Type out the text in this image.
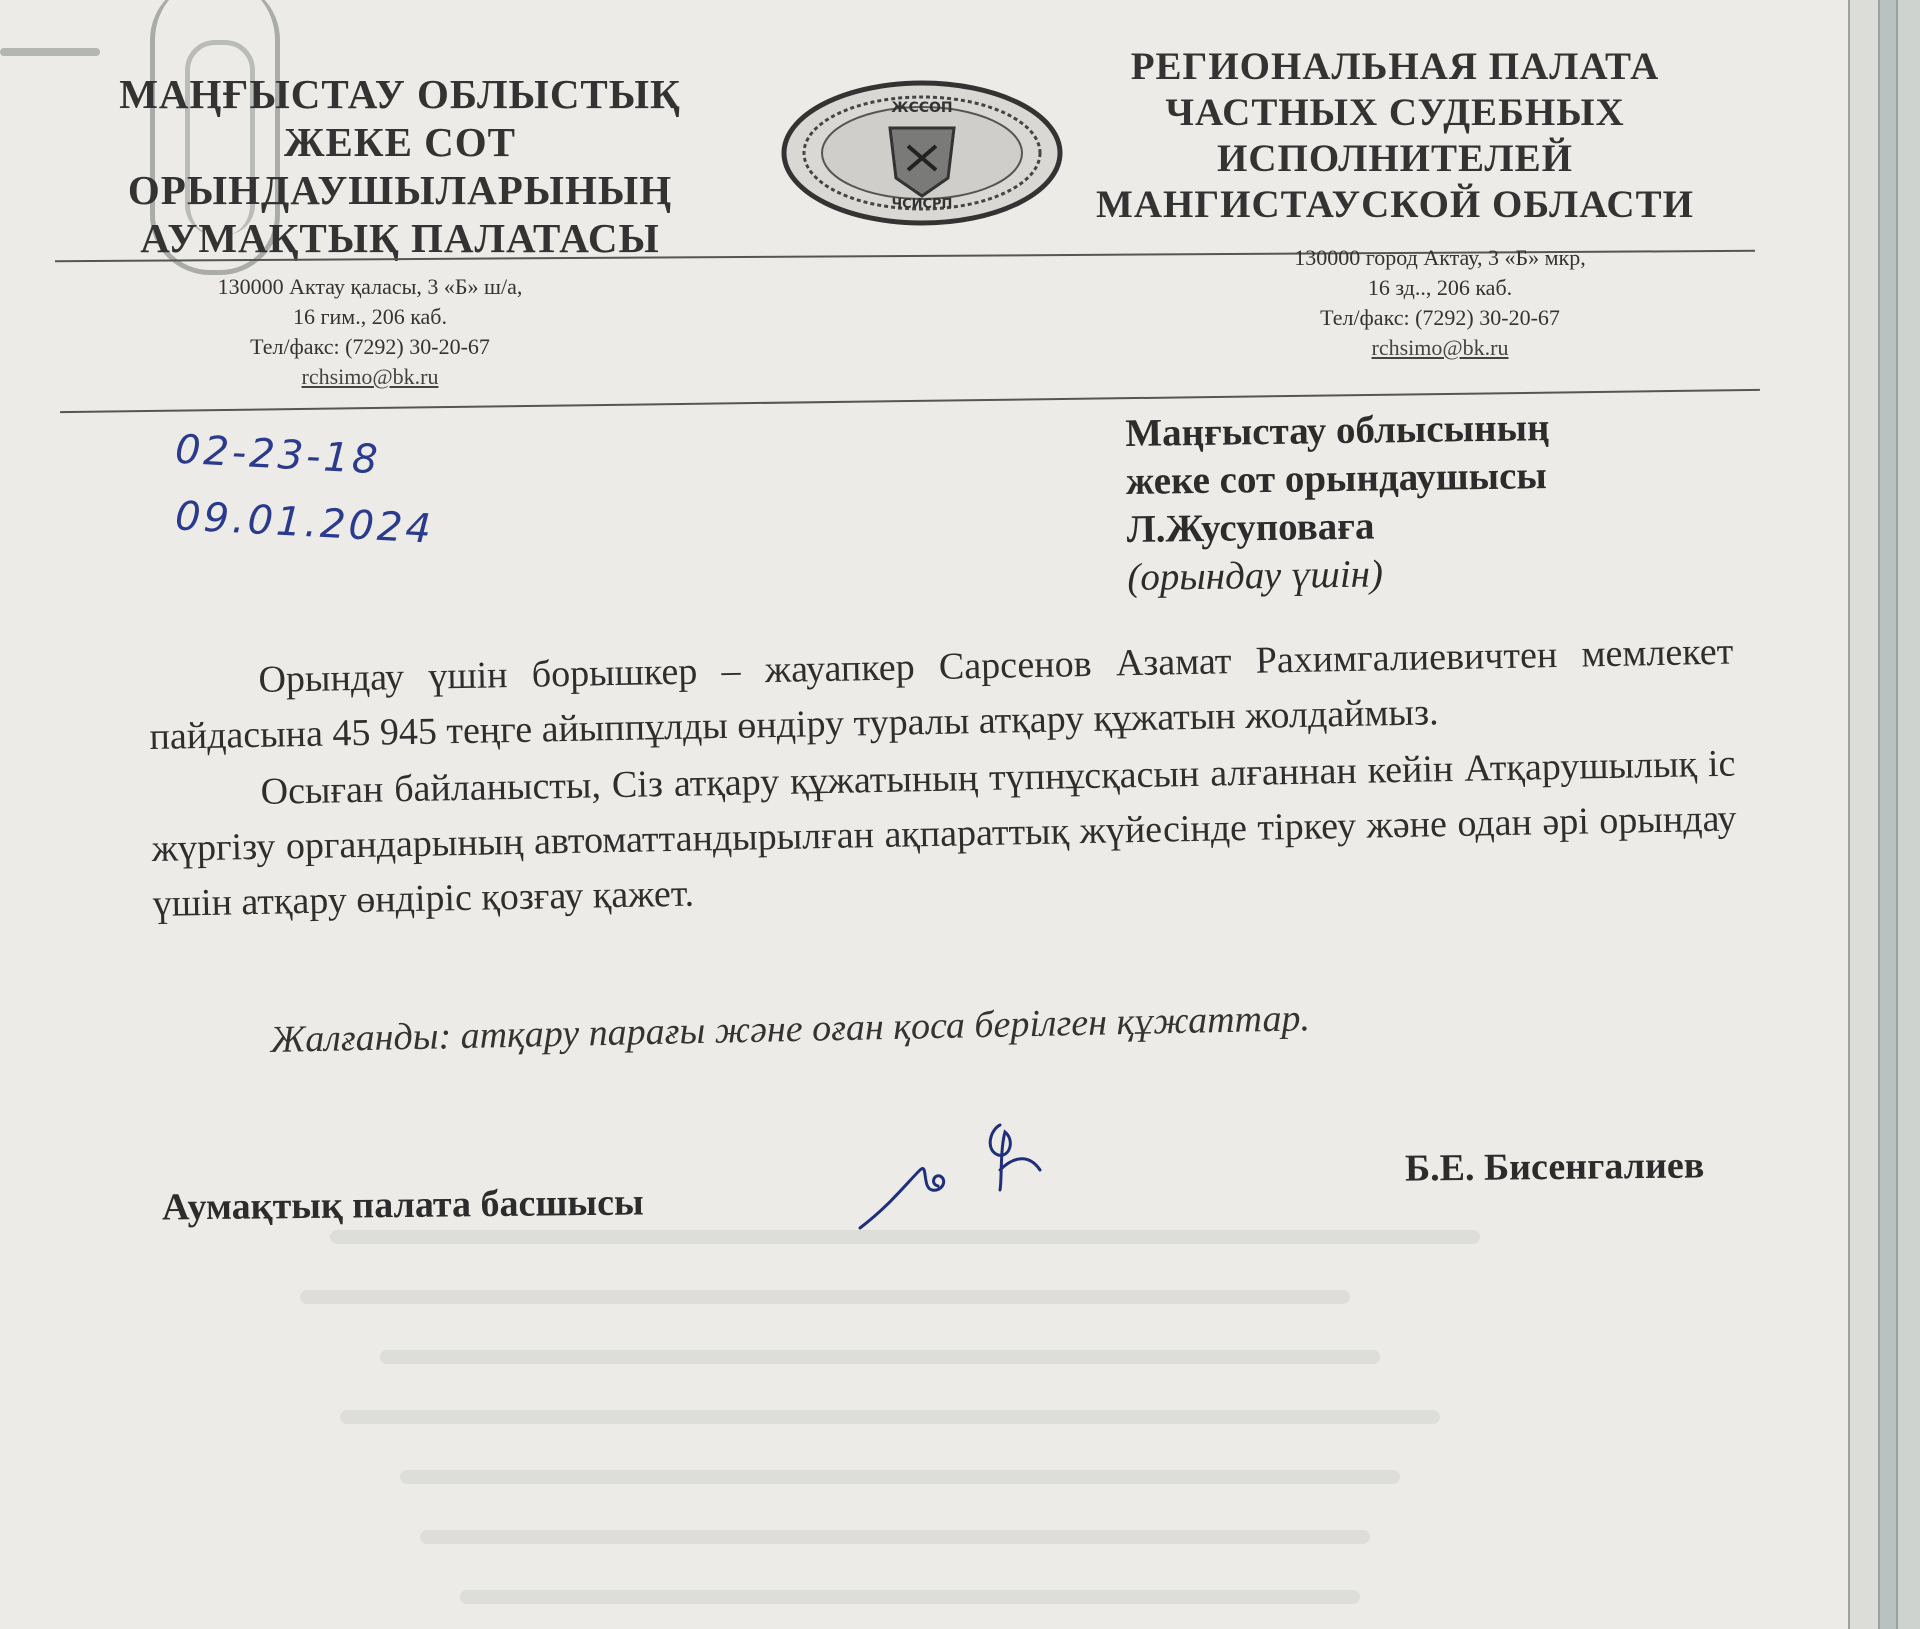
МАҢҒЫСТАУ ОБЛЫСТЫҚ
ЖЕКЕ СОТ
ОРЫНДАУШЫЛАРЫНЫҢ
АУМАҚТЫҚ ПАЛАТАСЫ
ЖССОП
ЧСИСРП
РЕГИОНАЛЬНАЯ ПАЛАТА
ЧАСТНЫХ СУДЕБНЫХ
ИСПОЛНИТЕЛЕЙ
МАНГИСТАУСКОЙ ОБЛАСТИ
130000 Актау қаласы, 3 «Б» ш/а,
16 гим., 206 каб.
Тел/факс: (7292) 30-20-67
rchsimo@bk.ru
130000 город Актау, 3 «Б» мкр,
16 зд.., 206 каб.
Тел/факс: (7292) 30-20-67
rchsimo@bk.ru
02-23-18
09.01.2024
Маңғыстау облысының
жеке сот орындаушысы
Л.Жусуповаға
(орындау үшін)

Орындау үшін борышкер – жауапкер Сарсенов Азамат Рахимгалиевичтен мемлекет пайдасына 45 945 теңге айыппұлды өндіру туралы атқару құжатын жолдаймыз.

Осыған байланысты, Сіз атқару құжатының түпнұсқасын алғаннан кейін Атқарушылық іс жүргізу органдарының автоматтандырылған ақпараттық жүйесінде тіркеу және одан әрі орындау үшін атқару өндіріс қозғау қажет.

Жалғанды: атқару парағы және оған қоса берілген құжаттар.
Аумақтық палата басшысы
Б.Е. Бисенгалиев
